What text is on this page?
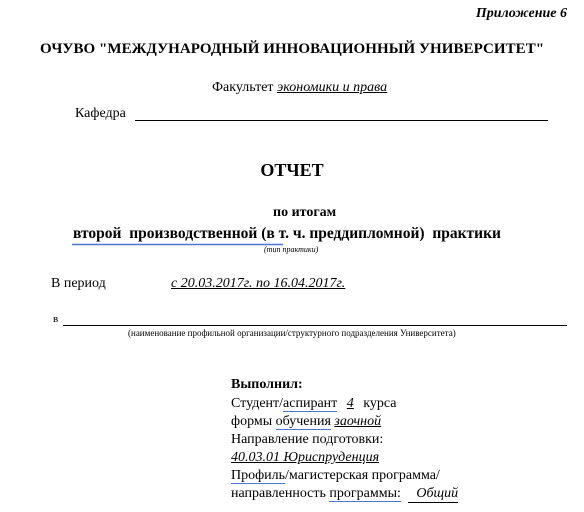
Приложение 6
ОЧУВО "МЕЖДУНАРОДНЫЙ ИННОВАЦИОННЫЙ УНИВЕРСИТЕТ"
Факультет экономики и права
Кафедра
ОТЧЕТ
по итогам
второй  производственной (в т. ч. преддипломной)  практики
(тип практики)
В период	с 20.03.2017г. по 16.04.2017г.
в
(наименование профильной организации/структурного подразделения Университета)
Выполнил:
Студент/аспирант 4 курса
формы обучения заочной
Направление подготовки:
40.03.01 Юриспруденция
Профиль/магистерская программа/
направленность программы: Общий
